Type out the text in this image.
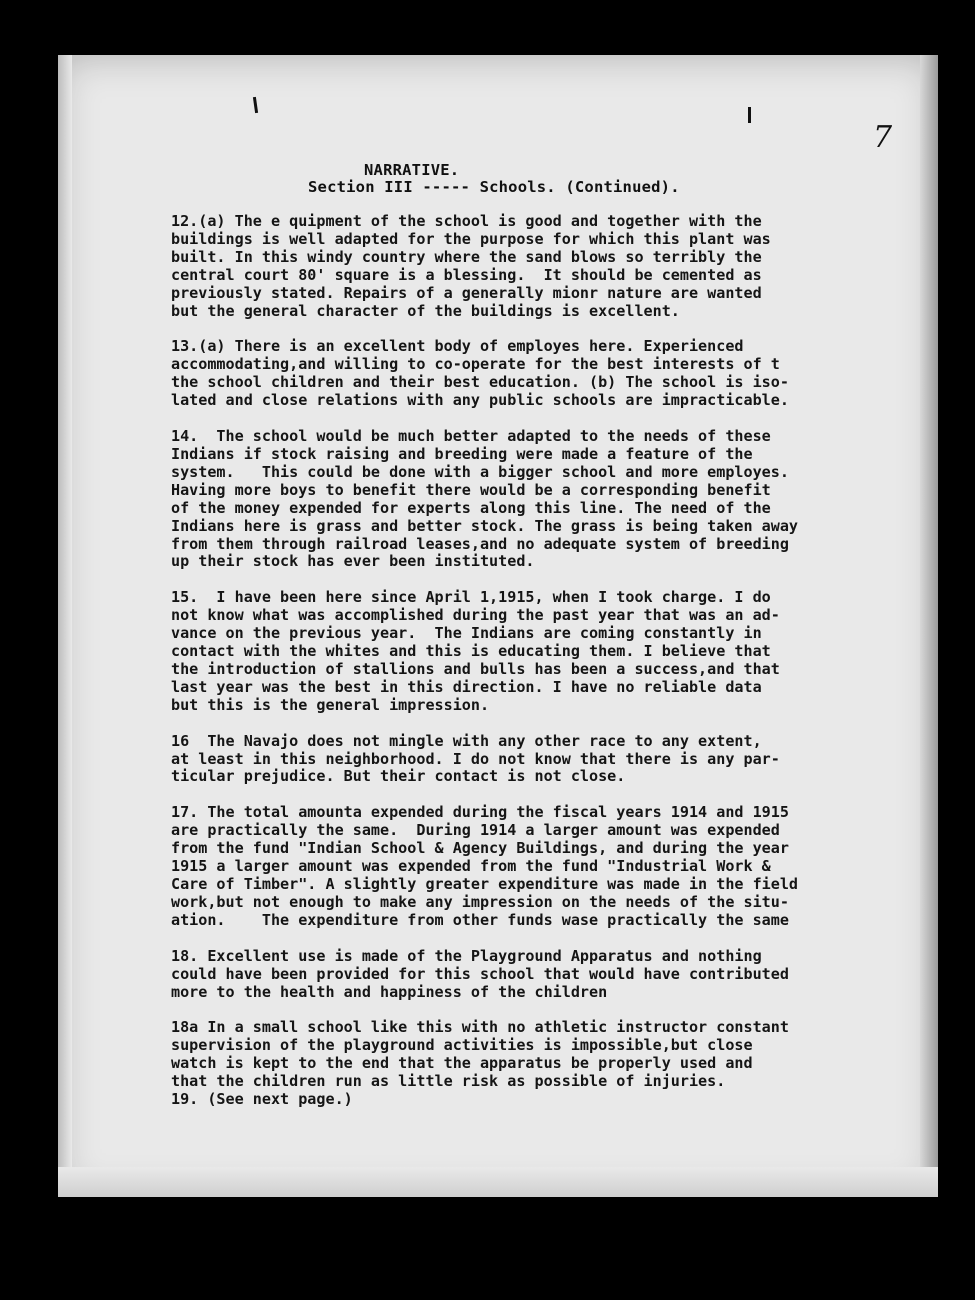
7
NARRATIVE.
Section III ----- Schools. (Continued).

12.(a) The e quipment of the school is good and together with the
buildings is well adapted for the purpose for which this plant was
built. In this windy country where the sand blows so terribly the
central court 80' square is a blessing.  It should be cemented as
previously stated. Repairs of a generally mionr nature are wanted
but the general character of the buildings is excellent.

13.(a) There is an excellent body of employes here. Experienced
accommodating,and willing to co-operate for the best interests of t
the school children and their best education. (b) The school is iso-
lated and close relations with any public schools are impracticable.

14.  The school would be much better adapted to the needs of these
Indians if stock raising and breeding were made a feature of the
system.   This could be done with a bigger school and more employes.
Having more boys to benefit there would be a corresponding benefit
of the money expended for experts along this line. The need of the
Indians here is grass and better stock. The grass is being taken away
from them through railroad leases,and no adequate system of breeding
up their stock has ever been instituted.

15.  I have been here since April 1,1915, when I took charge. I do
not know what was accomplished during the past year that was an ad-
vance on the previous year.  The Indians are coming constantly in
contact with the whites and this is educating them. I believe that
the introduction of stallions and bulls has been a success,and that
last year was the best in this direction. I have no reliable data
but this is the general impression.

16  The Navajo does not mingle with any other race to any extent,
at least in this neighborhood. I do not know that there is any par-
ticular prejudice. But their contact is not close.

17. The total amounta expended during the fiscal years 1914 and 1915
are practically the same.  During 1914 a larger amount was expended
from the fund "Indian School & Agency Buildings, and during the year
1915 a larger amount was expended from the fund "Industrial Work &
Care of Timber". A slightly greater expenditure was made in the field
work,but not enough to make any impression on the needs of the situ-
ation.    The expenditure from other funds wase practically the same

18. Excellent use is made of the Playground Apparatus and nothing
could have been provided for this school that would have contributed
more to the health and happiness of the children

18a In a small school like this with no athletic instructor constant
supervision of the playground activities is impossible,but close
watch is kept to the end that the apparatus be properly used and
that the children run as little risk as possible of injuries.
19. (See next page.)
